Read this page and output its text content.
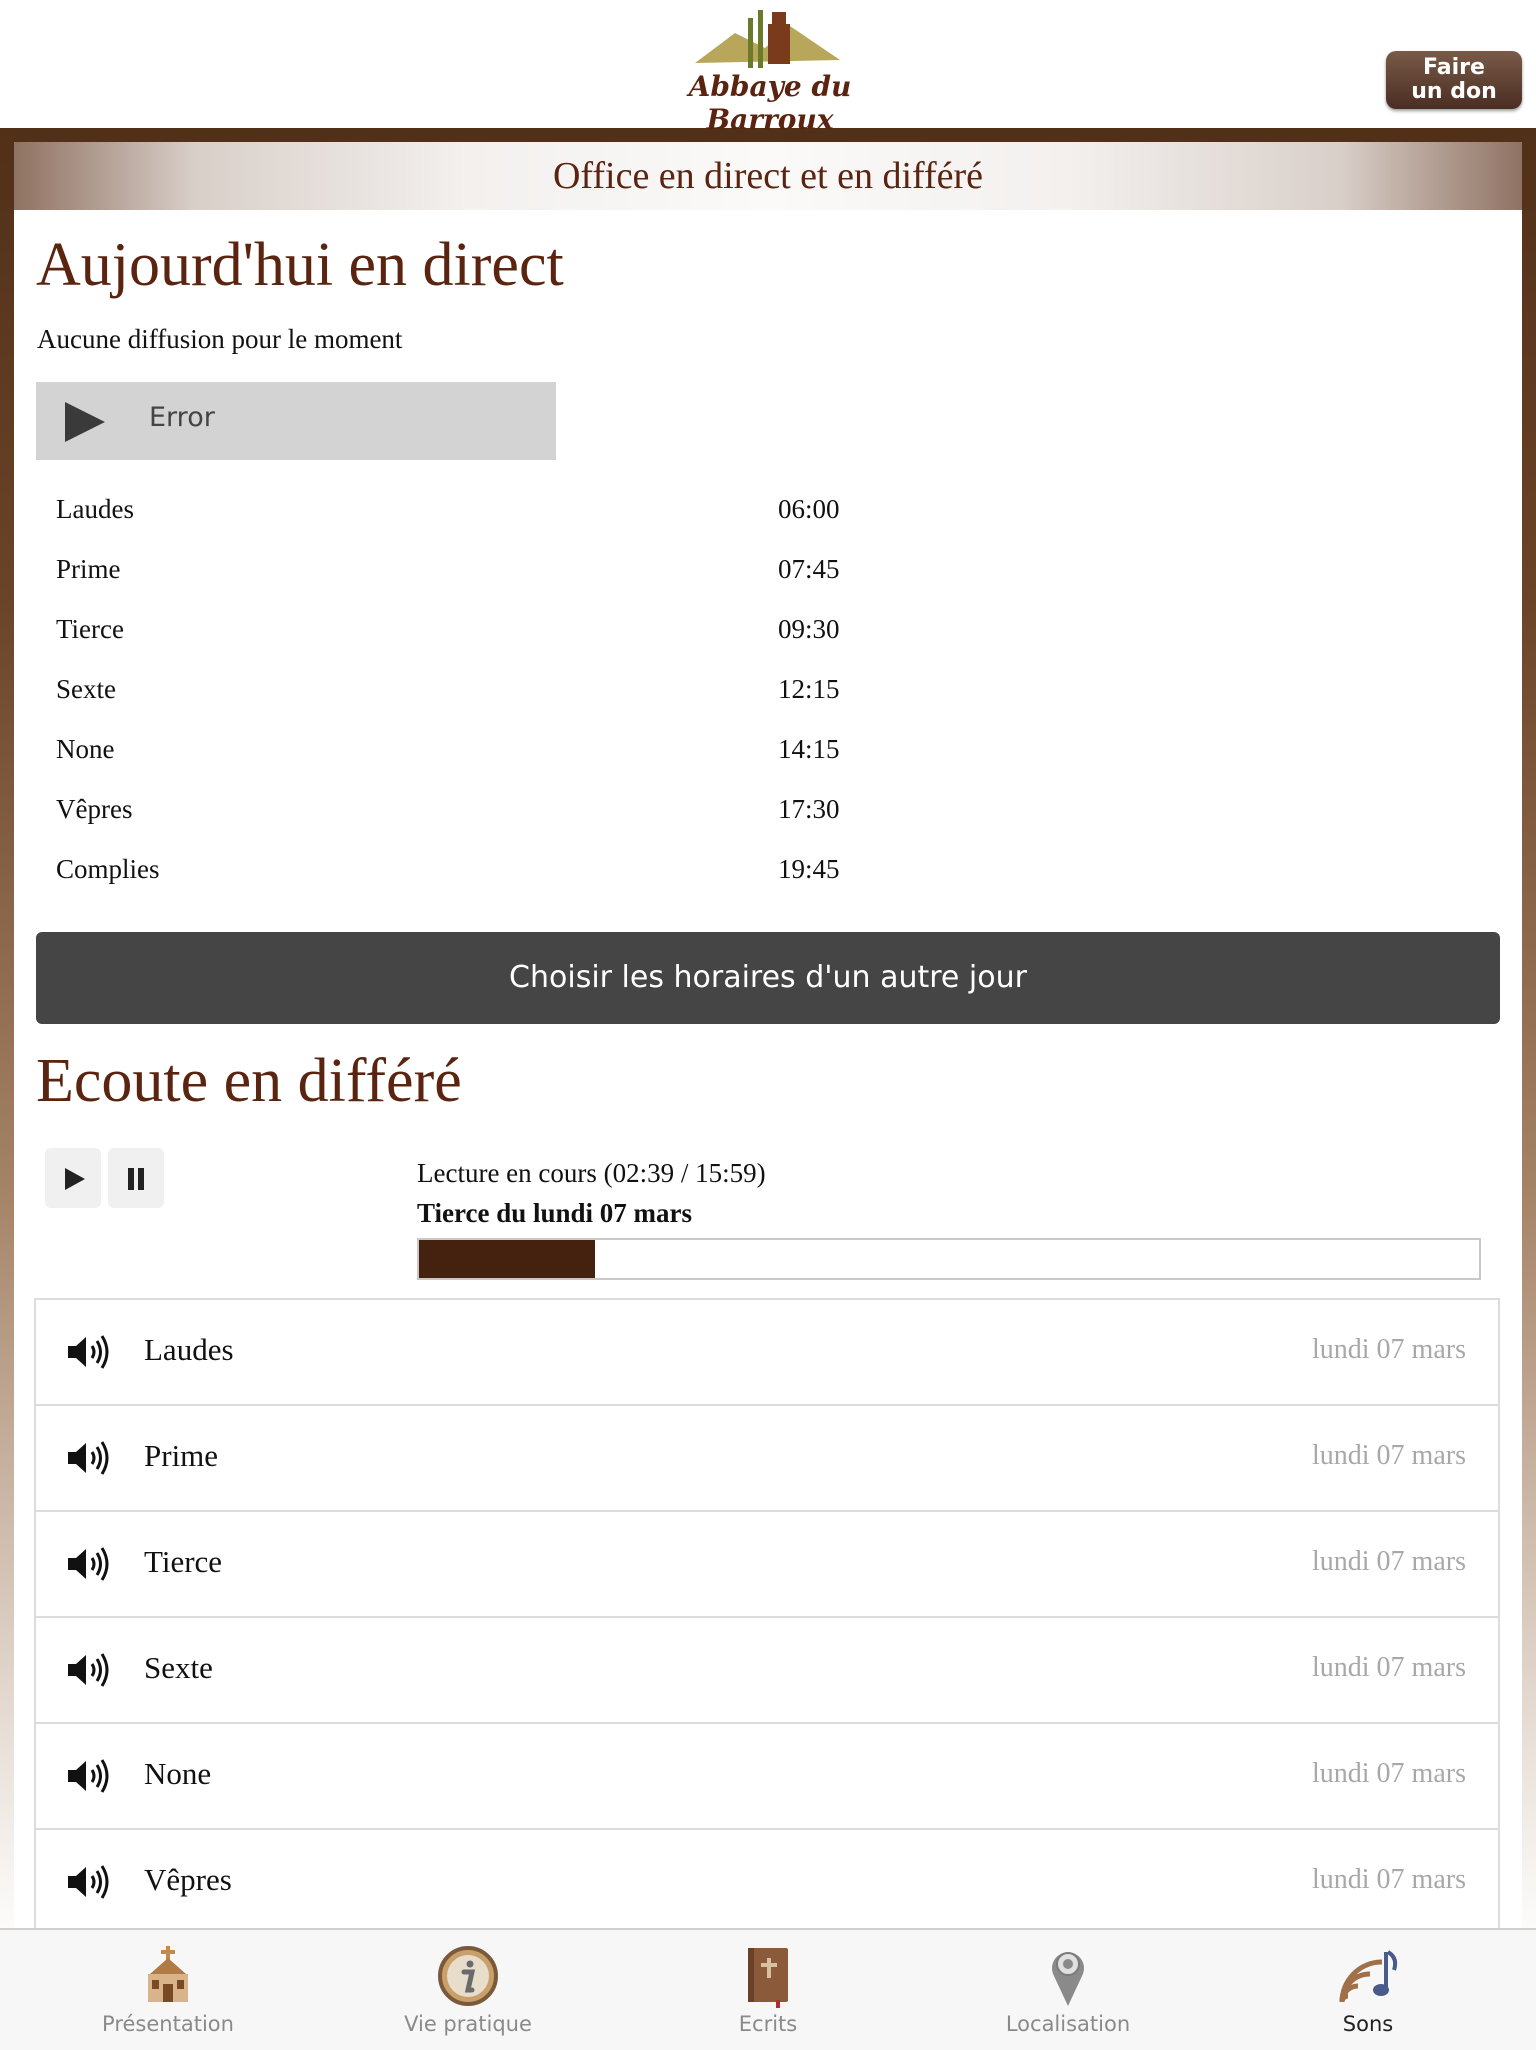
Abbaye du Barroux
Faire
un don
Office en direct et en différé
Aujourd'hui en direct
Aucune diffusion pour le moment
Error
Laudes	06:00
Prime	07:45
Tierce	09:30
Sexte	12:15
None	14:15
Vêpres	17:30
Complies	19:45
Choisir les horaires d'un autre jour
Ecoute en différé
Lecture en cours (02:39 / 15:59)
Tierce du lundi 07 mars
Laudes	lundi 07 mars
Prime	lundi 07 mars
Tierce	lundi 07 mars
Sexte	lundi 07 mars
None	lundi 07 mars
Vêpres	lundi 07 mars
Présentation	Vie pratique	Ecrits	Localisation	Sons
